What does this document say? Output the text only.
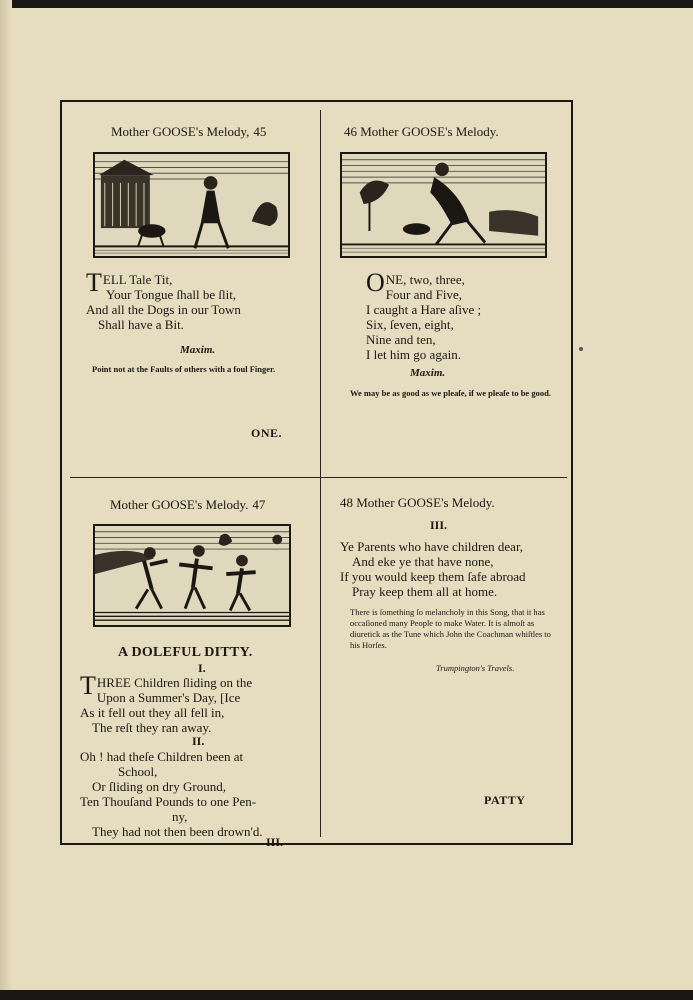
Mother GOOSE's Melody, 45
T ELL Tale Tit,
Your Tongue ſhall be ſlit,
And all the Dogs in our Town
Shall have a Bit.
Maxim.
Point not at the Faults of others with a foul Finger.
ONE.
46 Mother GOOSE's Melody.
O NE, two, three,
Four and Five,
I caught a Hare aſive ;
Six, ſeven, eight,
Nine and ten,
I let him go again.
Maxim.
We may be as good as we pleaſe, if we pleaſe to be good.
Mother GOOSE's Melody. 47
A DOLEFUL DITTY.
I.
T HREE Children ſliding on the
Upon a Summer's Day, [Ice
As it fell out they all fell in,
The reſt they ran away.
II.
Oh ! had theſe Children been at
School,
Or ſliding on dry Ground,
Ten Thouſand Pounds to one Pen-
ny,
They had not then been drown'd.
III.
48 Mother GOOSE's Melody.
III.
Ye Parents who have children dear,
And eke ye that have none,
If you would keep them ſafe abroad
Pray keep them all at home.
There is ſomething ſo melancholy in this Song, that it has occaſioned many People to make Water. It is almoſt as diuretick as the Tune which John the Coachman whiſtles to his Horſes.
Trumpington's Travels.
PATTY
